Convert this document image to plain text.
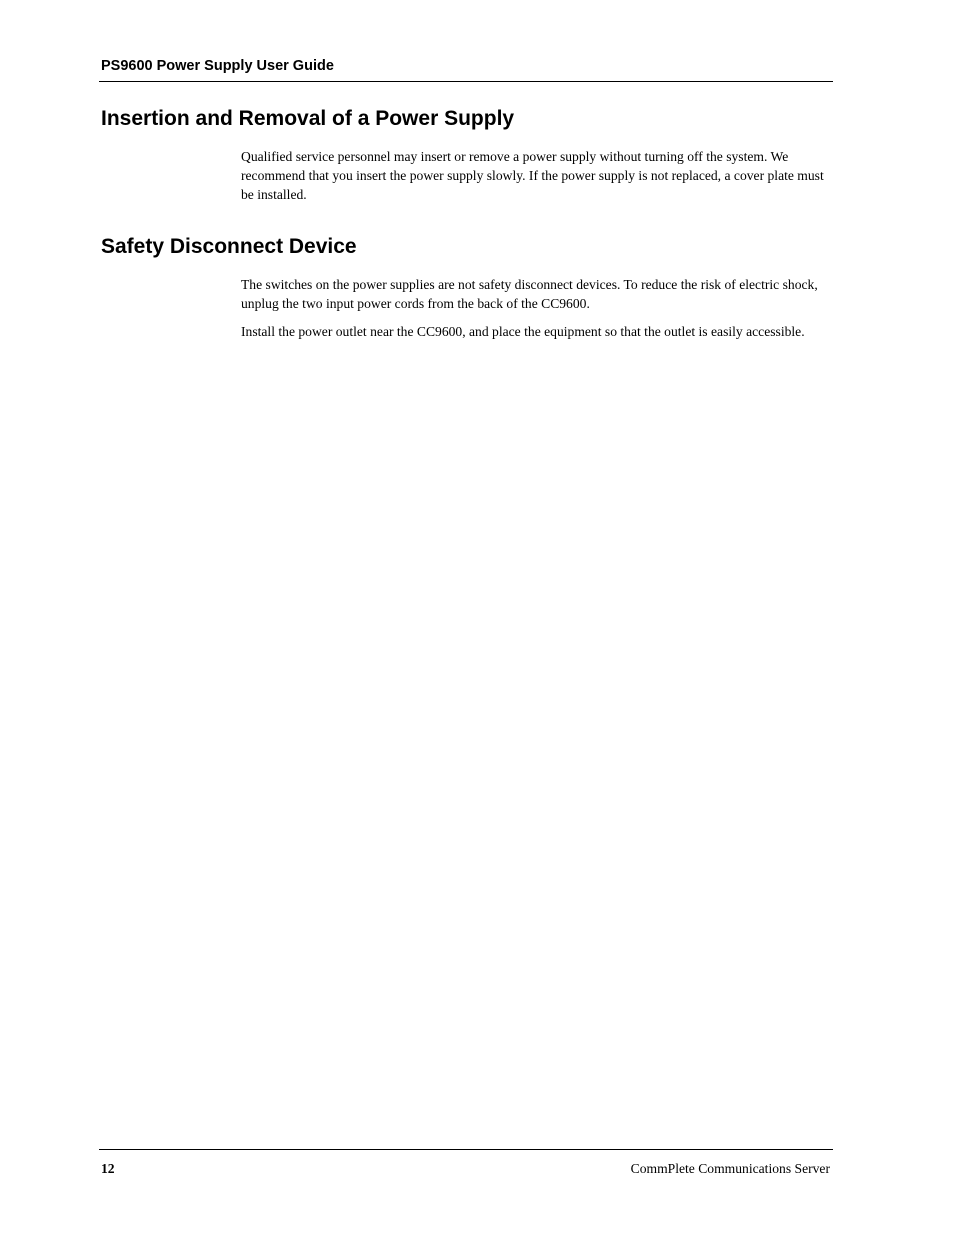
PS9600 Power Supply User Guide
Insertion and Removal of a Power Supply

Qualified service personnel may insert or remove a power supply without turning off the system. We recommend that you insert the power supply slowly. If the power supply is not replaced, a cover plate must be installed.

Safety Disconnect Device

The switches on the power supplies are not safety disconnect devices. To reduce the risk of electric shock, unplug the two input power cords from the back of the CC9600.

Install the power outlet near the CC9600, and place the equipment so that the outlet is easily accessible.

12	CommPlete Communications Server
